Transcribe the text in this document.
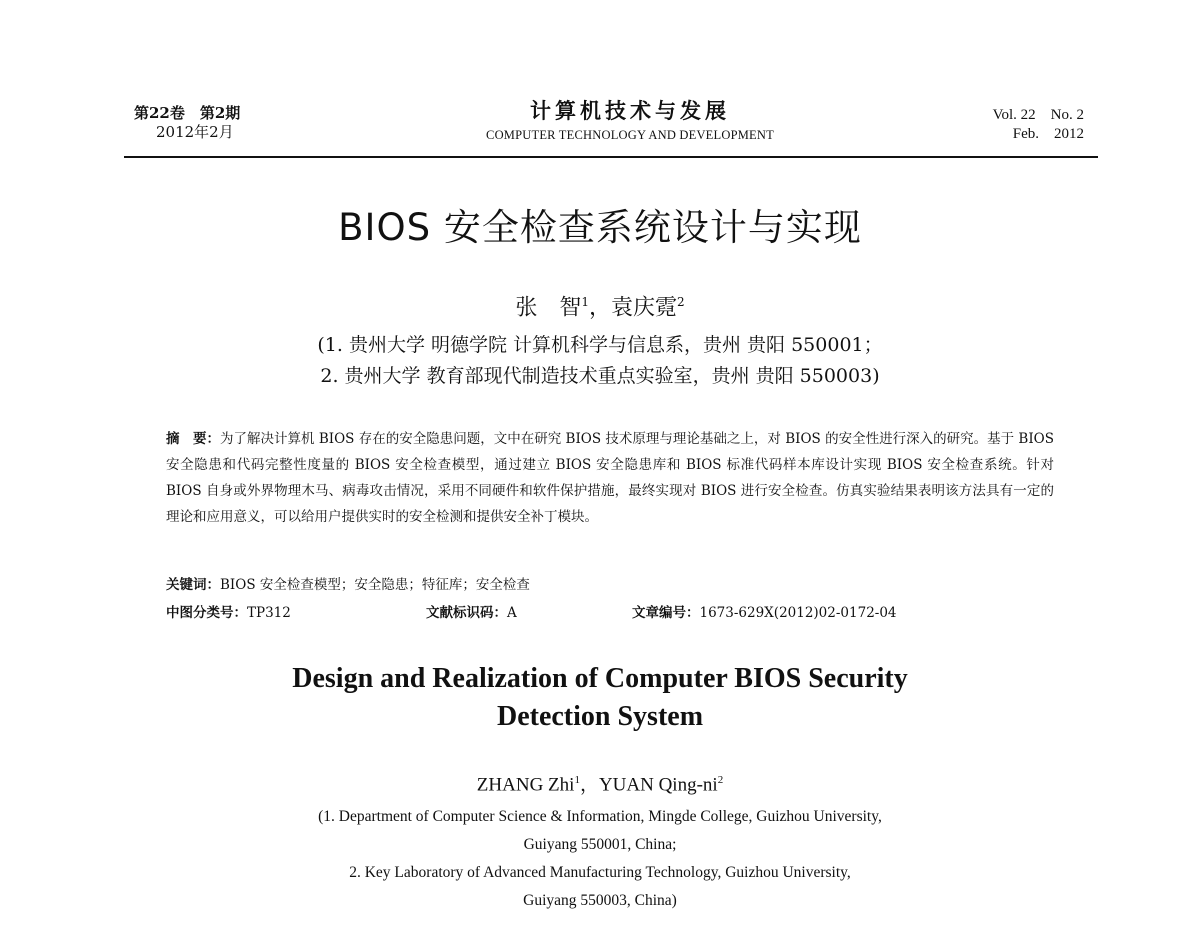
第22卷　第2期
2012年2月
计算机技术与发展
COMPUTER TECHNOLOGY AND DEVELOPMENT
Vol. 22　No. 2
Feb.　2012
BIOS 安全检查系统设计与实现
张　智$^1$，袁庆霓$^2$
(1. 贵州大学 明德学院 计算机科学与信息系，贵州 贵阳 550001；
2. 贵州大学 教育部现代制造技术重点实验室，贵州 贵阳 550003)
摘　要：为了解决计算机 BIOS 存在的安全隐患问题，文中在研究 BIOS 技术原理与理论基础之上，对 BIOS 的安全性进行深入的研究。基于 BIOS 安全隐患和代码完整性度量的 BIOS 安全检查模型，通过建立 BIOS 安全隐患库和 BIOS 标准代码样本库设计实现 BIOS 安全检查系统。针对 BIOS 自身或外界物理木马、病毒攻击情况，采用不同硬件和软件保护措施，最终实现对 BIOS 进行安全检查。仿真实验结果表明该方法具有一定的理论和应用意义，可以给用户提供实时的安全检测和提供安全补丁模块。
关键词：BIOS 安全检查模型；安全隐患；特征库；安全检查
中图分类号：TP312	文献标识码：A	文章编号：1673-629X(2012)02-0172-04
Design and Realization of Computer BIOS Security
Detection System
ZHANG Zhi$^1$，YUAN Qing-$ni^2$
(1. Department of Computer Science & Information, Mingde College, Guizhou University,
Guiyang 550001, China;
2. Key Laboratory of Advanced Manufacturing Technology, Guizhou University,
Guiyang 550003, China)
